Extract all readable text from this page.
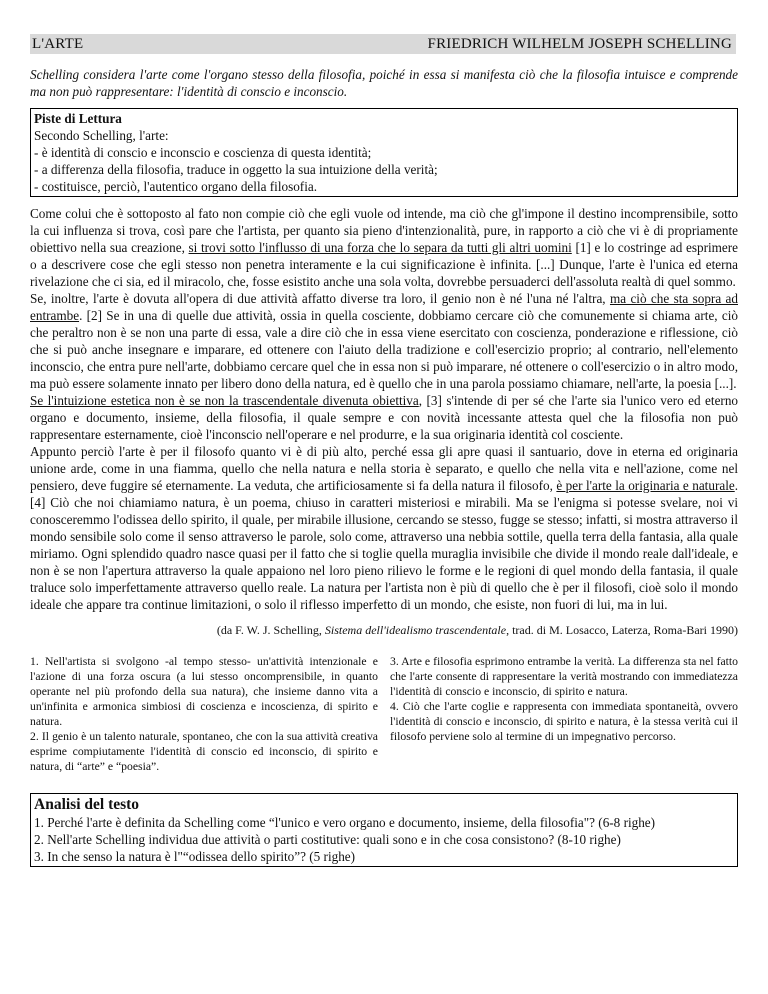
L'ARTE	FRIEDRICH WILHELM JOSEPH SCHELLING
Schelling considera l'arte come l'organo stesso della filosofia, poiché in essa si manifesta ciò che la filosofia intuisce e comprende ma non può rappresentare: l'identità di conscio e inconscio.
Piste di Lettura
Secondo Schelling, l'arte:
- è identità di conscio e inconscio e coscienza di questa identità;
- a differenza della filosofia, traduce in oggetto la sua intuizione della verità;
- costituisce, perciò, l'autentico organo della filosofia.

Come colui che è sottoposto al fato non compie ciò che egli vuole od intende, ma ciò che gl'impone il destino incomprensibile, sotto la cui influenza si trova, così pare che l'artista, per quanto sia pieno d'intenzionalità, pure, in rapporto a ciò che vi è di propriamente obiettivo nella sua creazione, si trovi sotto l'influsso di una forza che lo separa da tutti gli altri uomini [1] e lo costringe ad esprimere o a descrivere cose che egli stesso non penetra interamente e la cui significazione è infinita. [...] Dunque, l'arte è l'unica ed eterna rivelazione che ci sia, ed il miracolo, che, fosse esistito anche una sola volta, dovrebbe persuaderci dell'assoluta realtà di quel sommo.

Se, inoltre, l'arte è dovuta all'opera di due attività affatto diverse tra loro, il genio non è né l'una né l'altra, ma ciò che sta sopra ad entrambe. [2] Se in una di quelle due attività, ossia in quella cosciente, dobbiamo cercare ciò che comunemente si chiama arte, ciò che peraltro non è se non una parte di essa, vale a dire ciò che in essa viene esercitato con coscienza, ponderazione e riflessione, ciò che si può anche insegnare e imparare, ed ottenere con l'aiuto della tradizione e coll'esercizio proprio; al contrario, nell'elemento inconscio, che entra pure nell'arte, dobbiamo cercare quel che in essa non si può imparare, né ottenere o coll'esercizio o in altro modo, ma può essere solamente innato per libero dono della natura, ed è quello che in una parola possiamo chiamare, nell'arte, la poesia [...].

Se l'intuizione estetica non è se non la trascendentale divenuta obiettiva, [3] s'intende di per sé che l'arte sia l'unico vero ed eterno organo e documento, insieme, della filosofia, il quale sempre e con novità incessante attesta quel che la filosofia non può rappresentare esternamente, cioè l'inconscio nell'operare e nel produrre, e la sua originaria identità col cosciente.

Appunto perciò l'arte è per il filosofo quanto vi è di più alto, perché essa gli apre quasi il santuario, dove in eterna ed originaria unione arde, come in una fiamma, quello che nella natura e nella storia è separato, e quello che nella vita e nell'azione, come nel pensiero, deve fuggire sé eternamente. La veduta, che artificiosamente si fa della natura il filosofo, è per l'arte la originaria e naturale. [4] Ciò che noi chiamiamo natura, è un poema, chiuso in caratteri misteriosi e mirabili. Ma se l'enigma si potesse svelare, noi vi conosceremmo l'odissea dello spirito, il quale, per mirabile illusione, cercando se stesso, fugge se stesso; infatti, si mostra attraverso il mondo sensibile solo come il senso attraverso le parole, solo come, attraverso una nebbia sottile, quella terra della fantasia, alla quale miriamo. Ogni splendido quadro nasce quasi per il fatto che si toglie quella muraglia invisibile che divide il mondo reale dall'ideale, e non è se non l'apertura attraverso la quale appaiono nel loro pieno rilievo le forme e le regioni di quel mondo della fantasia, il quale traluce solo imperfettamente attraverso quello reale. La natura per l'artista non è più di quello che è per il filosofi, cioè solo il mondo ideale che appare tra continue limitazioni, o solo il riflesso imperfetto di un mondo, che esiste, non fuori di lui, ma in lui.

(da F. W. J. Schelling, Sistema dell'idealismo trascendentale, trad. di M. Losacco, Laterza, Roma-Bari 1990)

1. Nell'artista si svolgono -al tempo stesso- un'attività intenzionale e l'azione di una forza oscura (a lui stesso oncomprensibile, in quanto operante nel più profondo della sua natura), che insieme danno vita a un'infinita e armonica simbiosi di coscienza e incoscienza, di spirito e natura.

2. Il genio è un talento naturale, spontaneo, che con la sua attività creativa esprime compiutamente l'identità di conscio ed inconscio, di spirito e natura, di “arte” e “poesia”.

3. Arte e filosofia esprimono entrambe la verità. La differenza sta nel fatto che l'arte consente di rappresentare la verità mostrando con immediatezza l'identità di conscio e inconscio, di spirito e natura.

4. Ciò che l'arte coglie e rappresenta con immediata spontaneità, ovvero l'identità di conscio e inconscio, di spirito e natura, è la stessa verità cui il filosofo perviene solo al termine di un impegnativo percorso.

Analisi del testo
1. Perché l'arte è definita da Schelling come “l'unico e vero organo e documento, insieme, della filosofia"? (6-8 righe)
2. Nell'arte Schelling individua due attività o parti costitutive: quali sono e in che cosa consistono? (8-10 righe)
3. In che senso la natura è l"“odissea dello spirito”? (5 righe)
